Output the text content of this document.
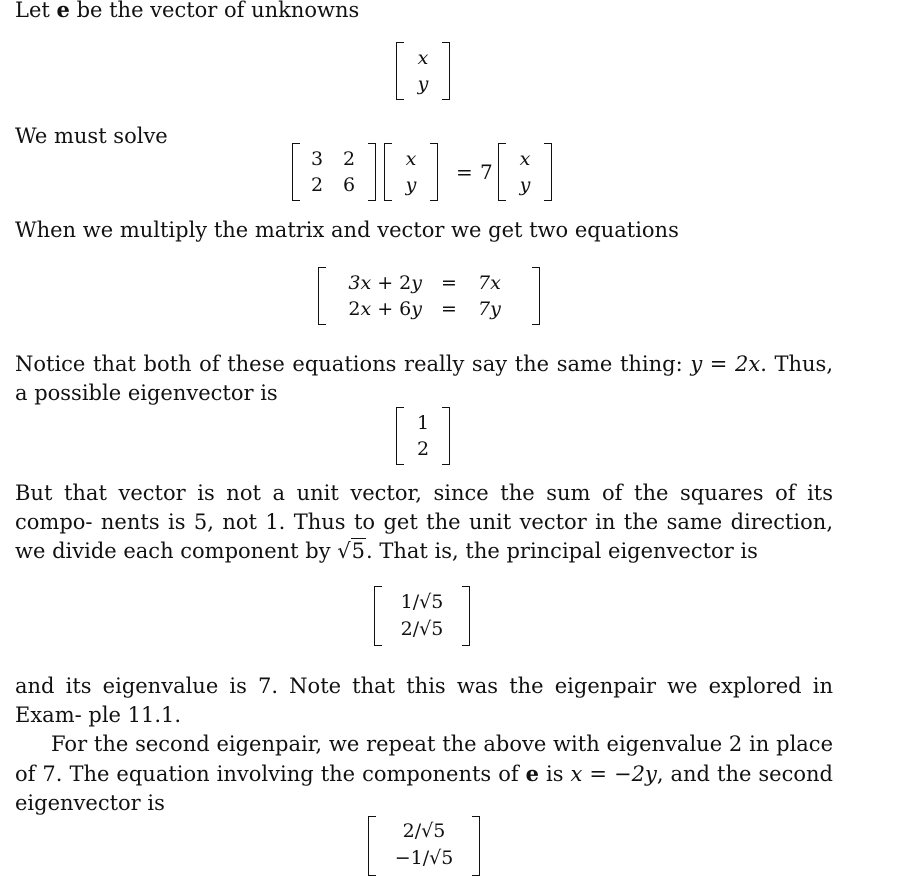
Let e be the vector of unknowns
x
y
We must solve
3 2
2 6
x
y
= 7
x
y
When we multiply the matrix and vector we get two equations
3x + 2y = 7x
2x + 6y = 7y
Notice that both of these equations really say the same thing: y = 2x. Thus, a possible eigenvector is
1
2
But that vector is not a unit vector, since the sum of the squares of its compo- nents is 5, not 1. Thus to get the unit vector in the same direction, we divide each component by √5. That is, the principal eigenvector is
1/√5
2/√5
and its eigenvalue is 7. Note that this was the eigenpair we explored in Exam- ple 11.1.
For the second eigenpair, we repeat the above with eigenvalue 2 in place of 7. The equation involving the components of e is x = −2y, and the second eigenvector is
2/√5
−1/√5
